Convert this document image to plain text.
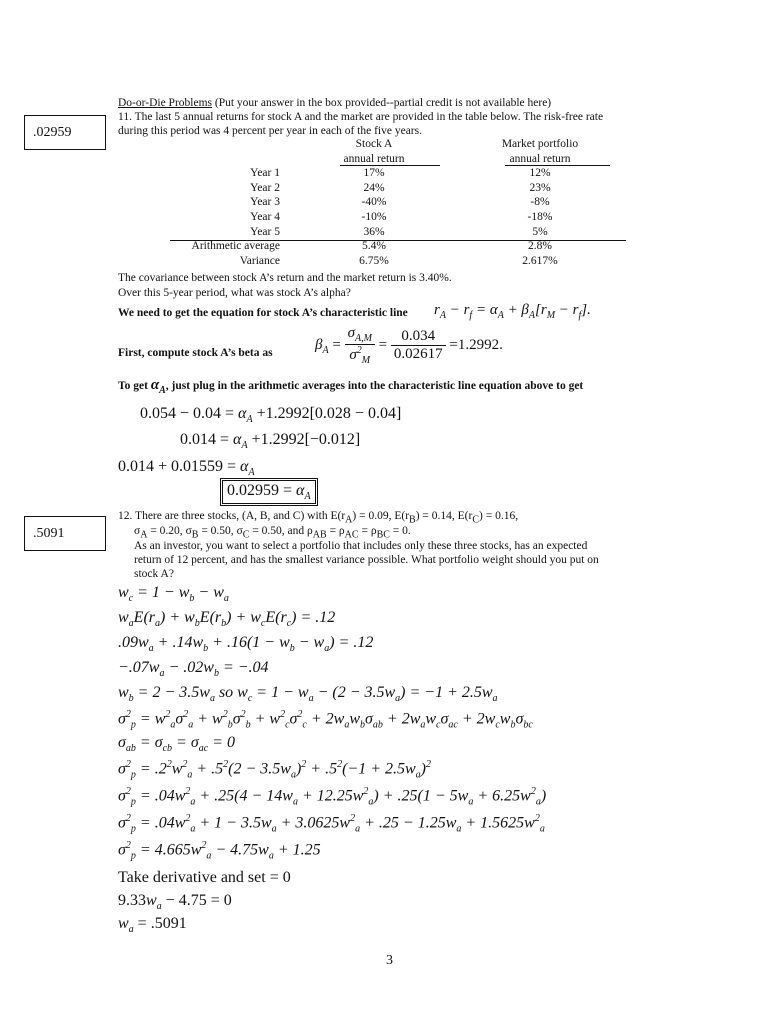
.02959
Do-or-Die Problems (Put your answer in the box provided--partial credit is not available here)
11. The last 5 annual returns for stock A and the market are provided in the table below. The risk-free rate
during this period was 4 percent per year in each of the five years.
	Stock A	Market portfolio
	annual return	annual return
Year 1	17%	12%
Year 2	24%	23%
Year 3	-40%	-8%
Year 4	-10%	-18%
Year 5	36%	5%
Arithmetic average	5.4%	2.8%
Variance	6.75%	2.617%
The covariance between stock A’s return and the market return is 3.40%.
Over this 5-year period, what was stock A’s alpha?
We need to get the equation for stock A’s characteristic line $r_A - r_f = \alpha_A + \beta_A[r_M - r_f]$.
First, compute stock A’s beta as
$\beta_A = \frac{\sigma_{A,M}}{\sigma^2_M} = \frac{0.034}{0.02617} =1.2992$.
To get $\alpha_A$, just plug in the arithmetic averages into the characteristic line equation above to get
$0.054 - 0.04 = \alpha_A +1.2992[0.028 - 0.04]$
$0.014 = \alpha_A +1.2992[-0.012]$
$0.014 + 0.01559 = \alpha_A$
$0.02959 = \alpha_A$
.5091
12. There are three stocks, (A, B, and C) with $E(r_A) = 0.09$, $E(r_B) = 0.14$, $E(r_C) = 0.16$,
$\sigma_A = 0.20$, $\sigma_B = 0.50$, $\sigma_C = 0.50$, and $\rho_{AB} = \rho_{AC} = \rho_{BC} = 0$.
As an investor, you want to select a portfolio that includes only these three stocks, has an expected
return of 12 percent, and has the smallest variance possible. What portfolio weight should you put on
stock A?
$w_c = 1 - w_b - w_a$
$w_aE(r_a) + w_bE(r_b) + w_cE(r_c) = .12$
$.09w_a + .14w_b + .16(1 - w_b - w_a) = .12$
$-.07w_a - .02w_b = -.04$
$w_b = 2 - 3.5w_a$ so $w_c = 1 - w_a - (2 - 3.5w_a) = -1 + 2.5w_a$
$\sigma^2_p = w^2_a\sigma^2_a + w^2_b\sigma^2_b + w^2_c\sigma^2_c + 2w_aw_b\sigma_{ab} + 2w_aw_c\sigma_{ac} + 2w_cw_b\sigma_{bc}$
$\sigma_{ab} = \sigma_{cb} = \sigma_{ac} = 0$
$\sigma^2_p = .2^2w^2_a + .5^2(2 - 3.5w_a)^2 + .5^2(-1 + 2.5w_a)^2$
$\sigma^2_p = .04w^2_a + .25(4 - 14w_a + 12.25w^2_a) + .25(1 - 5w_a + 6.25w^2_a)$
$\sigma^2_p = .04w^2_a + 1 - 3.5w_a + 3.0625w^2_a + .25 - 1.25w_a + 1.5625w^2_a$
$\sigma^2_p = 4.665w^2_a - 4.75w_a + 1.25$
Take derivative and set = 0
$9.33w_a - 4.75 = 0$
$w_a = .5091$
3
